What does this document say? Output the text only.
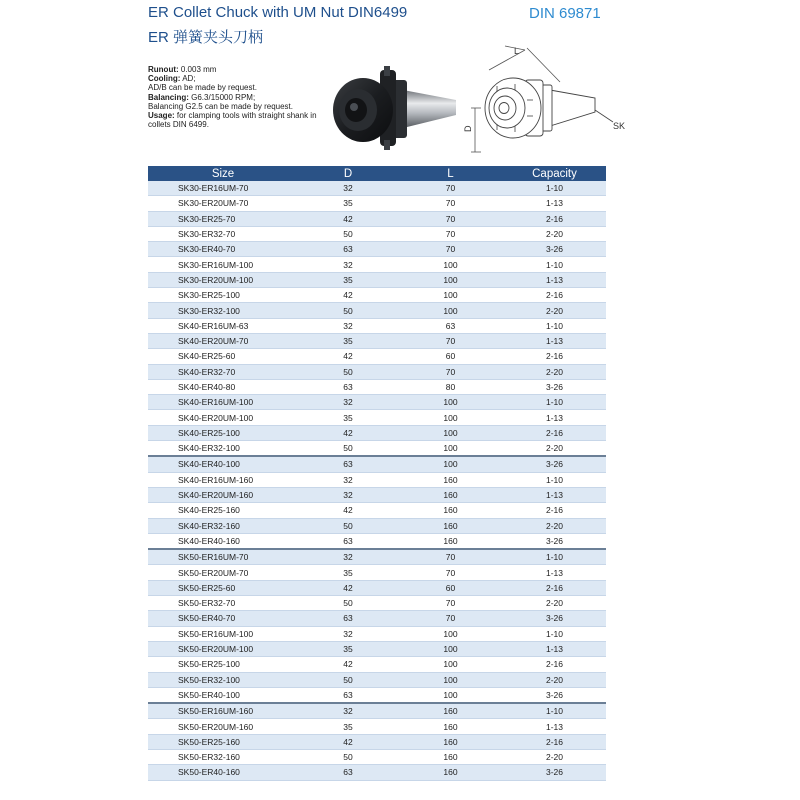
ER Collet Chuck with UM Nut DIN6499	DIN 69871
ER 弹簧夹头刀柄
Runout: 0.003 mm
Cooling: AD;
AD/B can be made by request.
Balancing: G6.3/15000 RPM;
Balancing G2.5 can be made by request.
Usage: for clamping tools with straight shank in collets DIN 6499.
L
D	SK
Size	D	L	Capacity
SK30-ER16UM-70	32	70	1-10
SK30-ER20UM-70	35	70	1-13
SK30-ER25-70	42	70	2-16
SK30-ER32-70	50	70	2-20
SK30-ER40-70	63	70	3-26
SK30-ER16UM-100	32	100	1-10
SK30-ER20UM-100	35	100	1-13
SK30-ER25-100	42	100	2-16
SK30-ER32-100	50	100	2-20
SK40-ER16UM-63	32	63	1-10
SK40-ER20UM-70	35	70	1-13
SK40-ER25-60	42	60	2-16
SK40-ER32-70	50	70	2-20
SK40-ER40-80	63	80	3-26
SK40-ER16UM-100	32	100	1-10
SK40-ER20UM-100	35	100	1-13
SK40-ER25-100	42	100	2-16
SK40-ER32-100	50	100	2-20
SK40-ER40-100	63	100	3-26
SK40-ER16UM-160	32	160	1-10
SK40-ER20UM-160	32	160	1-13
SK40-ER25-160	42	160	2-16
SK40-ER32-160	50	160	2-20
SK40-ER40-160	63	160	3-26
SK50-ER16UM-70	32	70	1-10
SK50-ER20UM-70	35	70	1-13
SK50-ER25-60	42	60	2-16
SK50-ER32-70	50	70	2-20
SK50-ER40-70	63	70	3-26
SK50-ER16UM-100	32	100	1-10
SK50-ER20UM-100	35	100	1-13
SK50-ER25-100	42	100	2-16
SK50-ER32-100	50	100	2-20
SK50-ER40-100	63	100	3-26
SK50-ER16UM-160	32	160	1-10
SK50-ER20UM-160	35	160	1-13
SK50-ER25-160	42	160	2-16
SK50-ER32-160	50	160	2-20
SK50-ER40-160	63	160	3-26
